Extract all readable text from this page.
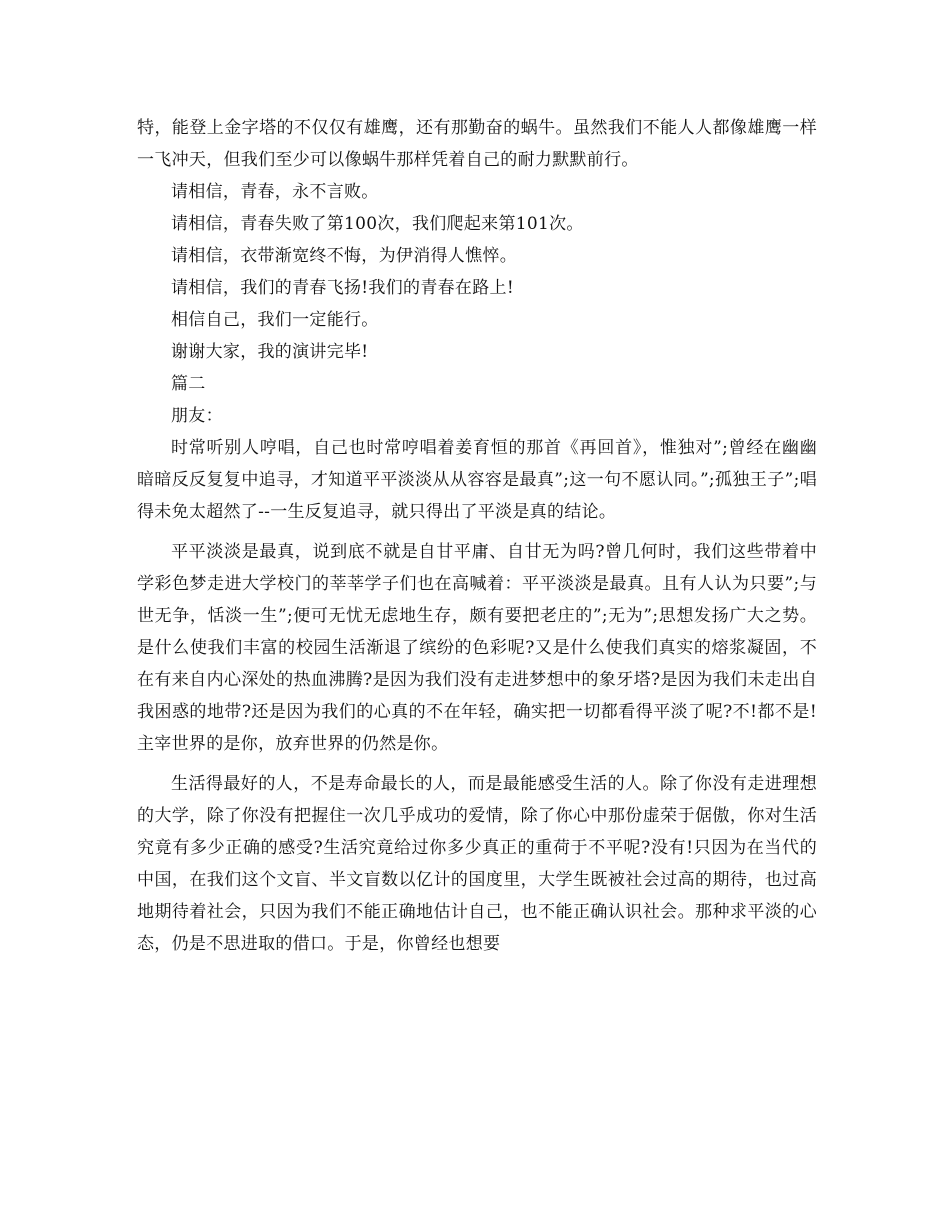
特，能登上金字塔的不仅仅有雄鹰，还有那勤奋的蜗牛。虽然我们不能人人都像雄鹰一样一飞冲天，但我们至少可以像蜗牛那样凭着自己的耐力默默前行。

请相信，青春，永不言败。

请相信，青春失败了第100次，我们爬起来第101次。

请相信，衣带渐宽终不悔，为伊消得人憔悴。

请相信，我们的青春飞扬!我们的青春在路上!

相信自己，我们一定能行。

谢谢大家，我的演讲完毕!

篇二

朋友：

时常听别人哼唱，自己也时常哼唱着姜育恒的那首《再回首》，惟独对”;曾经在幽幽暗暗反反复复中追寻，才知道平平淡淡从从容容是最真”;这一句不愿认同。”;孤独王子”;唱得未免太超然了--一生反复追寻，就只得出了平淡是真的结论。

平平淡淡是最真，说到底不就是自甘平庸、自甘无为吗?曾几何时，我们这些带着中学彩色梦走进大学校门的莘莘学子们也在高喊着：平平淡淡是最真。且有人认为只要”;与世无争，恬淡一生”;便可无忧无虑地生存，颇有要把老庄的”;无为”;思想发扬广大之势。是什么使我们丰富的校园生活渐退了缤纷的色彩呢?又是什么使我们真实的熔浆凝固，不在有来自内心深处的热血沸腾?是因为我们没有走进梦想中的象牙塔?是因为我们未走出自我困惑的地带?还是因为我们的心真的不在年轻，确实把一切都看得平淡了呢?不!都不是!主宰世界的是你，放弃世界的仍然是你。

生活得最好的人，不是寿命最长的人，而是最能感受生活的人。除了你没有走进理想的大学，除了你没有把握住一次几乎成功的爱情，除了你心中那份虚荣于倨傲，你对生活究竟有多少正确的感受?生活究竟给过你多少真正的重荷于不平呢?没有!只因为在当代的中国，在我们这个文盲、半文盲数以亿计的国度里，大学生既被社会过高的期待，也过高地期待着社会，只因为我们不能正确地估计自己，也不能正确认识社会。那种求平淡的心态，仍是不思进取的借口。于是，你曾经也想要
